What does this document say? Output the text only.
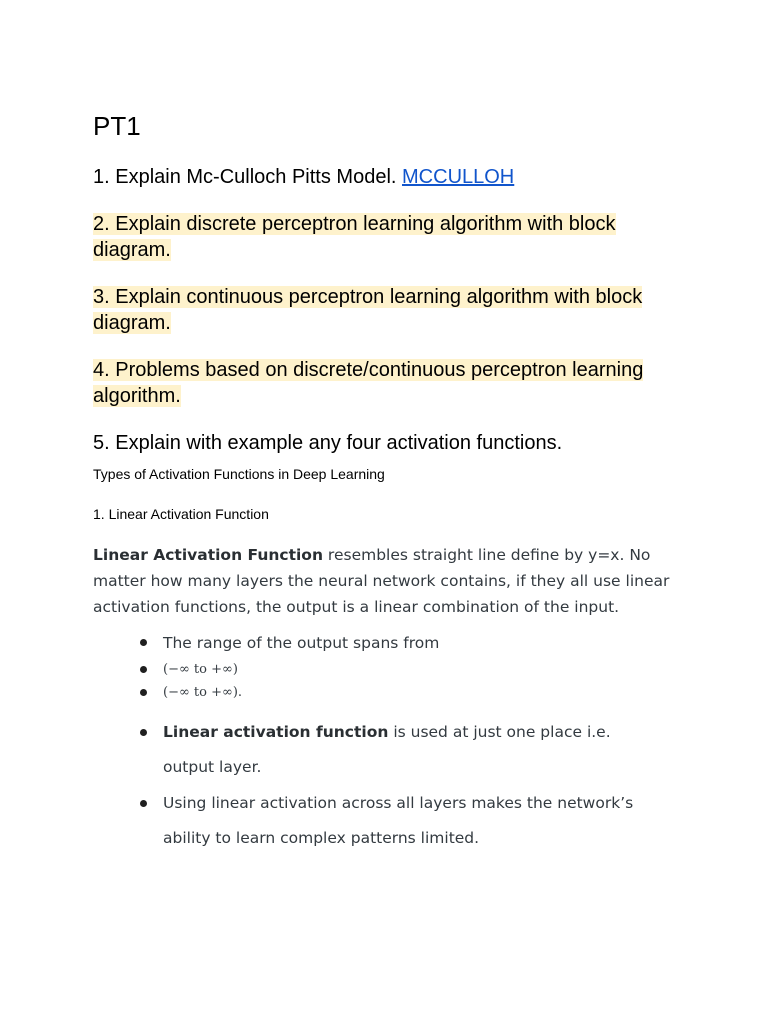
PT1

1. Explain Mc-Culloch Pitts Model. MCCULLOH

2. Explain discrete perceptron learning algorithm with block diagram.

3. Explain continuous perceptron learning algorithm with block diagram.

4. Problems based on discrete/continuous perceptron learning algorithm.

5. Explain with example any four activation functions.

Types of Activation Functions in Deep Learning

1. Linear Activation Function

Linear Activation Function resembles straight line define by y=x. No matter how many layers the neural network contains, if they all use linear activation functions, the output is a linear combination of the input.

The range of the output spans from
(−∞ to +∞)
(−∞ to +∞).
Linear activation function is used at just one place i.e. output layer.
Using linear activation across all layers makes the network’s ability to learn complex patterns limited.
